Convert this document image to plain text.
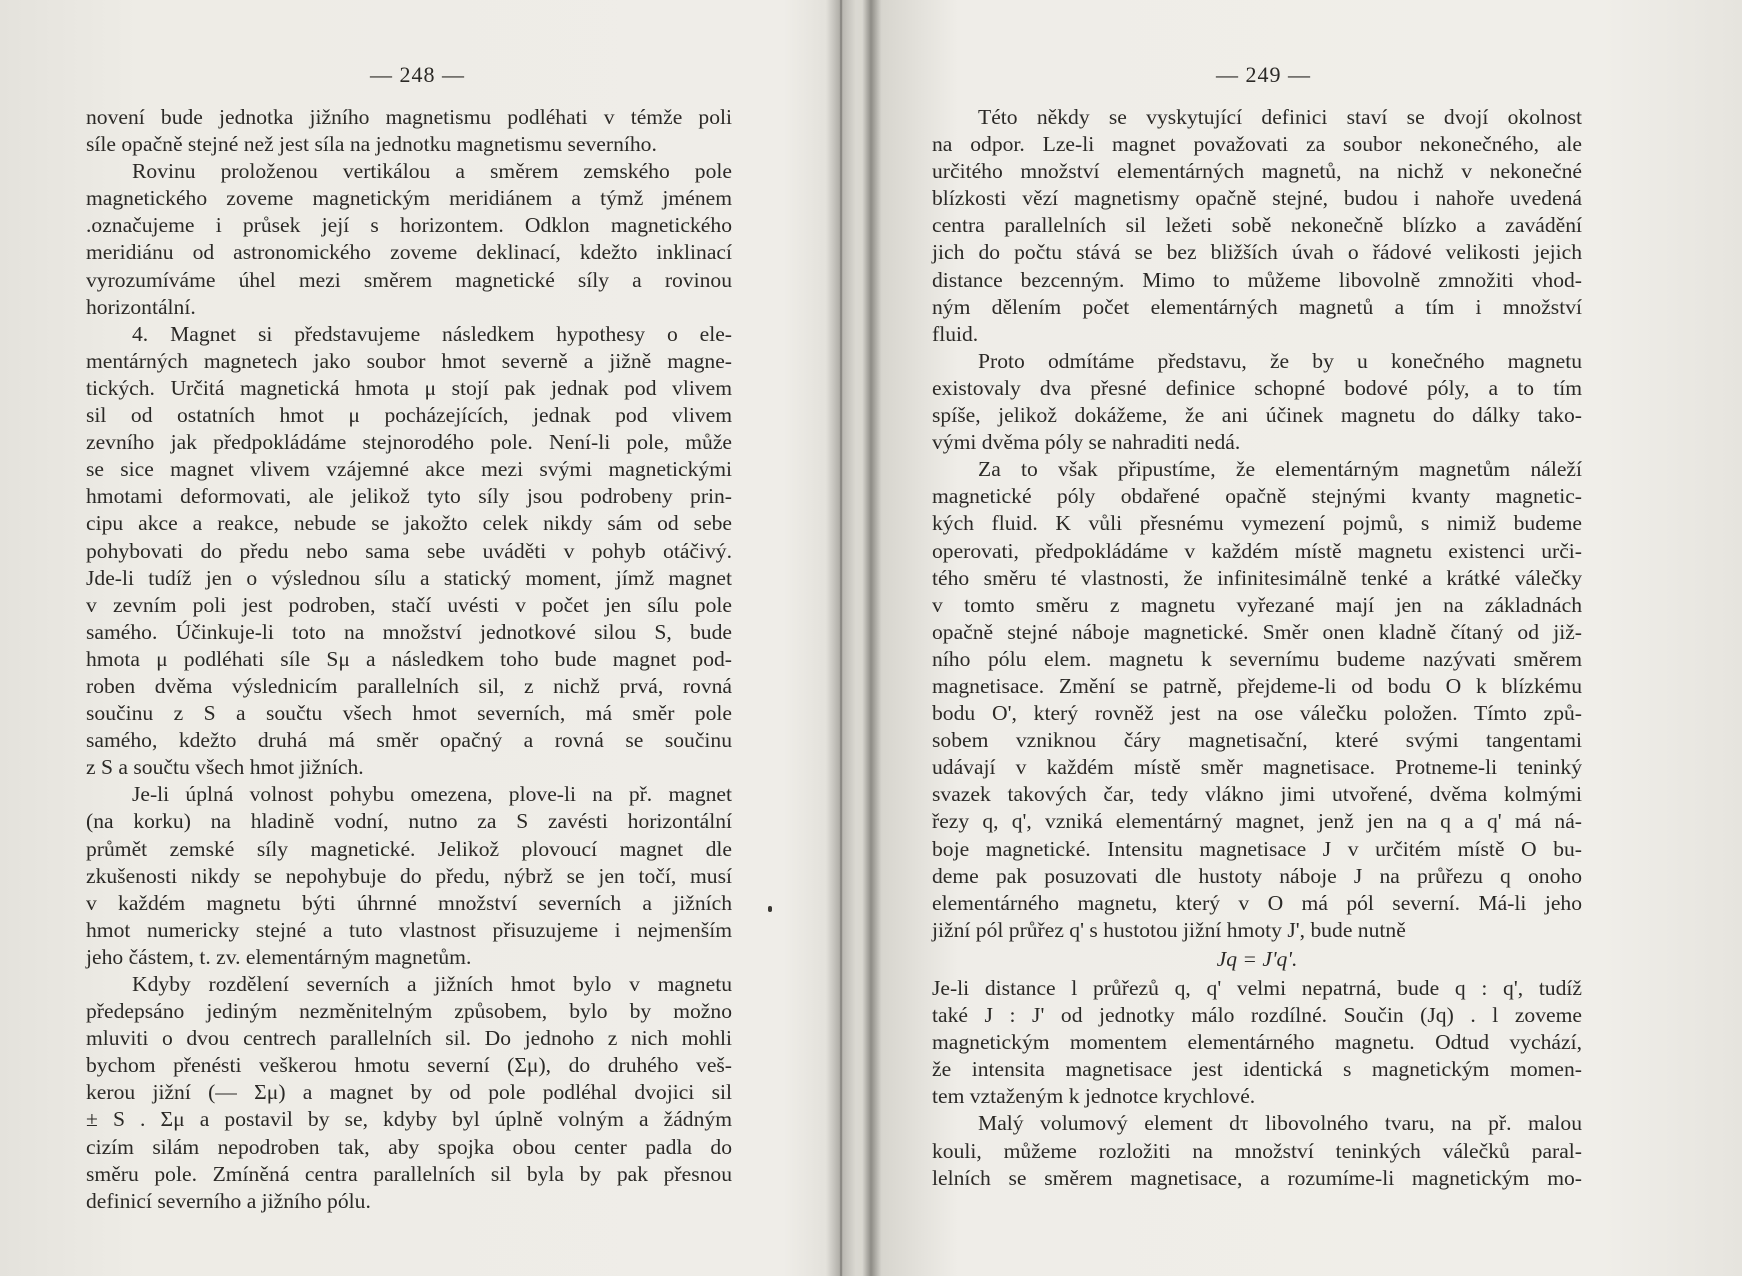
— 248 —
novení bude jednotka jižního magnetismu podléhati v témže poli
síle opačně stejné než jest síla na jednotku magnetismu severního.
Rovinu proloženou vertikálou a směrem zemského pole
magnetického zoveme magnetickým meridiánem a týmž jménem
.označujeme i průsek její s horizontem. Odklon magnetického
meridiánu od astronomického zoveme deklinací, kdežto inklinací
vyrozumíváme úhel mezi směrem magnetické síly a rovinou
horizontální.
4. Magnet si představujeme následkem hypothesy o ele-
mentárných magnetech jako soubor hmot severně a jižně magne-
tických. Určitá magnetická hmota μ stojí pak jednak pod vlivem
sil od ostatních hmot μ pocházejících, jednak pod vlivem
zevního jak předpokládáme stejnorodého pole. Není-li pole, může
se sice magnet vlivem vzájemné akce mezi svými magnetickými
hmotami deformovati, ale jelikož tyto síly jsou podrobeny prin-
cipu akce a reakce, nebude se jakožto celek nikdy sám od sebe
pohybovati do předu nebo sama sebe uváděti v pohyb otáčivý.
Jde-li tudíž jen o výslednou sílu a statický moment, jímž magnet
v zevním poli jest podroben, stačí uvésti v počet jen sílu pole
samého. Účinkuje-li toto na množství jednotkové silou S, bude
hmota μ podléhati síle Sμ a následkem toho bude magnet pod-
roben dvěma výslednicím parallelních sil, z nichž prvá, rovná
součinu z S a součtu všech hmot severních, má směr pole
samého, kdežto druhá má směr opačný a rovná se součinu
z S a součtu všech hmot jižních.
Je-li úplná volnost pohybu omezena, plove-li na př. magnet
(na korku) na hladině vodní, nutno za S zavésti horizontální
průmět zemské síly magnetické. Jelikož plovoucí magnet dle
zkušenosti nikdy se nepohybuje do předu, nýbrž se jen točí, musí
v každém magnetu býti úhrnné množství severních a jižních
hmot numericky stejné a tuto vlastnost přisuzujeme i nejmenším
jeho částem, t. zv. elementárným magnetům.
Kdyby rozdělení severních a jižních hmot bylo v magnetu
předepsáno jediným nezměnitelným způsobem, bylo by možno
mluviti o dvou centrech parallelních sil. Do jednoho z nich mohli
bychom přenésti veškerou hmotu severní (Σμ), do druhého veš-
kerou jižní (— Σμ) a magnet by od pole podléhal dvojici sil
± S . Σμ a postavil by se, kdyby byl úplně volným a žádným
cizím silám nepodroben tak, aby spojka obou center padla do
směru pole. Zmíněná centra parallelních sil byla by pak přesnou
definicí severního a jižního pólu.
— 249 —
Této někdy se vyskytující definici staví se dvojí okolnost
na odpor. Lze-li magnet považovati za soubor nekonečného, ale
určitého množství elementárných magnetů, na nichž v nekonečné
blízkosti vězí magnetismy opačně stejné, budou i nahoře uvedená
centra parallelních sil ležeti sobě nekonečně blízko a zavádění
jich do počtu stává se bez bližších úvah o řádové velikosti jejich
distance bezcenným. Mimo to můžeme libovolně zmnožiti vhod-
ným dělením počet elementárných magnetů a tím i množství
fluid.
Proto odmítáme představu, že by u konečného magnetu
existovaly dva přesné definice schopné bodové póly, a to tím
spíše, jelikož dokážeme, že ani účinek magnetu do dálky tako-
vými dvěma póly se nahraditi nedá.
Za to však připustíme, že elementárným magnetům náleží
magnetické póly obdařené opačně stejnými kvanty magnetic-
kých fluid. K vůli přesnému vymezení pojmů, s nimiž budeme
operovati, předpokládáme v každém místě magnetu existenci urči-
tého směru té vlastnosti, že infinitesimálně tenké a krátké válečky
v tomto směru z magnetu vyřezané mají jen na základnách
opačně stejné náboje magnetické. Směr onen kladně čítaný od již-
ního pólu elem. magnetu k severnímu budeme nazývati směrem
magnetisace. Změní se patrně, přejdeme-li od bodu O k blízkému
bodu O', který rovněž jest na ose válečku položen. Tímto způ-
sobem vzniknou čáry magnetisační, které svými tangentami
udávají v každém místě směr magnetisace. Protneme-li teninký
svazek takových čar, tedy vlákno jimi utvořené, dvěma kolmými
řezy q, q', vzniká elementárný magnet, jenž jen na q a q' má ná-
boje magnetické. Intensitu magnetisace J v určitém místě O bu-
deme pak posuzovati dle hustoty náboje J na průřezu q onoho
elementárného magnetu, který v O má pól severní. Má-li jeho
jižní pól průřez q' s hustotou jižní hmoty J', bude nutně
Jq = J'q'.
Je-li distance l průřezů q, q' velmi nepatrná, bude q : q', tudíž
také J : J' od jednotky málo rozdílné. Součin (Jq) . l zoveme
magnetickým momentem elementárného magnetu. Odtud vychází,
že intensita magnetisace jest identická s magnetickým momen-
tem vztaženým k jednotce krychlové.
Malý volumový element dτ libovolného tvaru, na př. malou
kouli, můžeme rozložiti na množství teninkých válečků paral-
lelních se směrem magnetisace, a rozumíme-li magnetickým mo-
